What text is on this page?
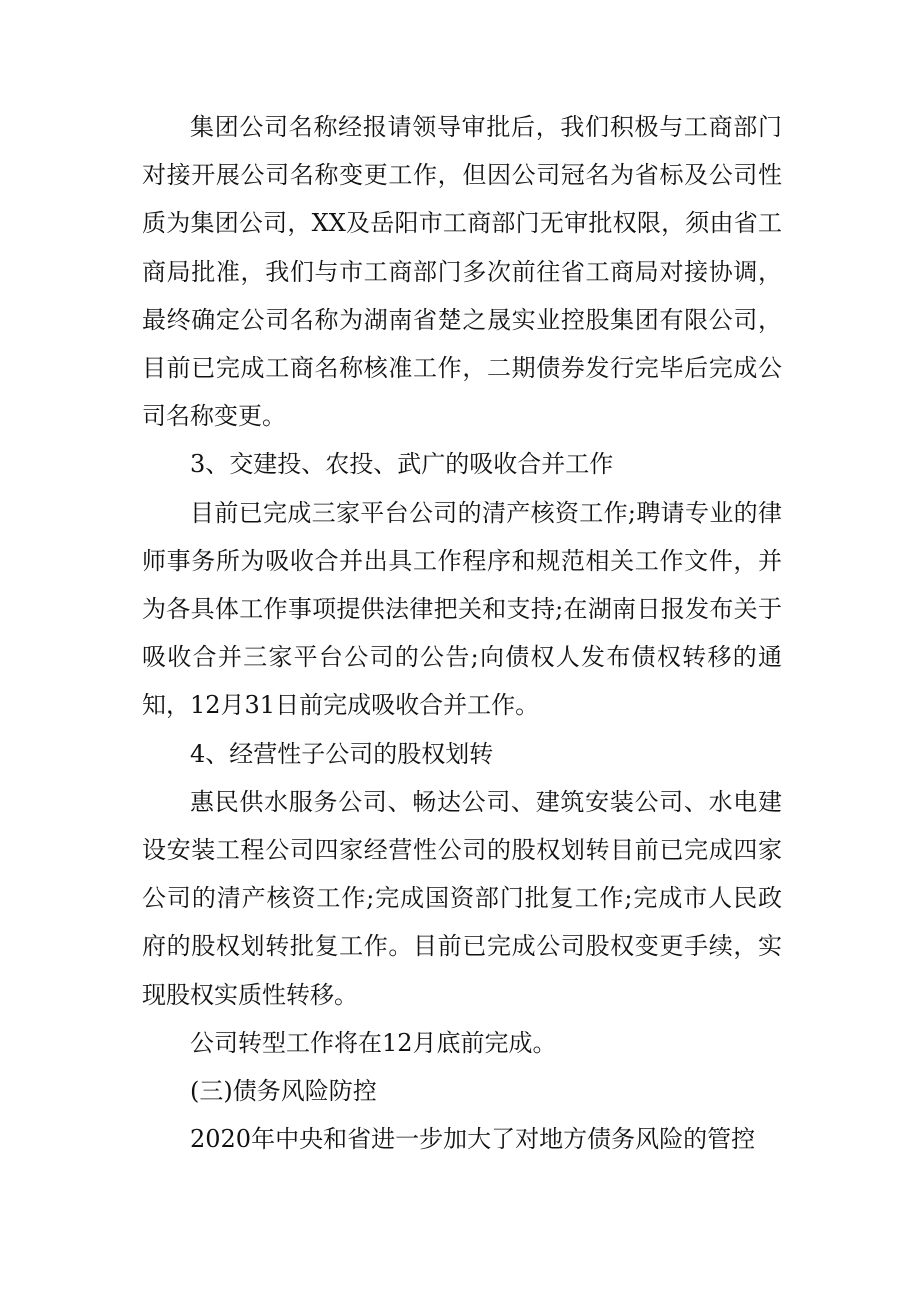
集团公司名称经报请领导审批后，我们积极与工商部门对接开展公司名称变更工作，但因公司冠名为省标及公司性质为集团公司，XX及岳阳市工商部门无审批权限，须由省工商局批准，我们与市工商部门多次前往省工商局对接协调，最终确定公司名称为湖南省楚之晟实业控股集团有限公司，目前已完成工商名称核准工作，二期债券发行完毕后完成公司名称变更。

3、交建投、农投、武广的吸收合并工作

目前已完成三家平台公司的清产核资工作;聘请专业的律师事务所为吸收合并出具工作程序和规范相关工作文件，并为各具体工作事项提供法律把关和支持;在湖南日报发布关于吸收合并三家平台公司的公告;向债权人发布债权转移的通知，12月31日前完成吸收合并工作。

4、经营性子公司的股权划转

惠民供水服务公司、畅达公司、建筑安装公司、水电建设安装工程公司四家经营性公司的股权划转目前已完成四家公司的清产核资工作;完成国资部门批复工作;完成市人民政府的股权划转批复工作。目前已完成公司股权变更手续，实现股权实质性转移。

公司转型工作将在12月底前完成。

(三)债务风险防控

2020年中央和省进一步加大了对地方债务风险的管控
